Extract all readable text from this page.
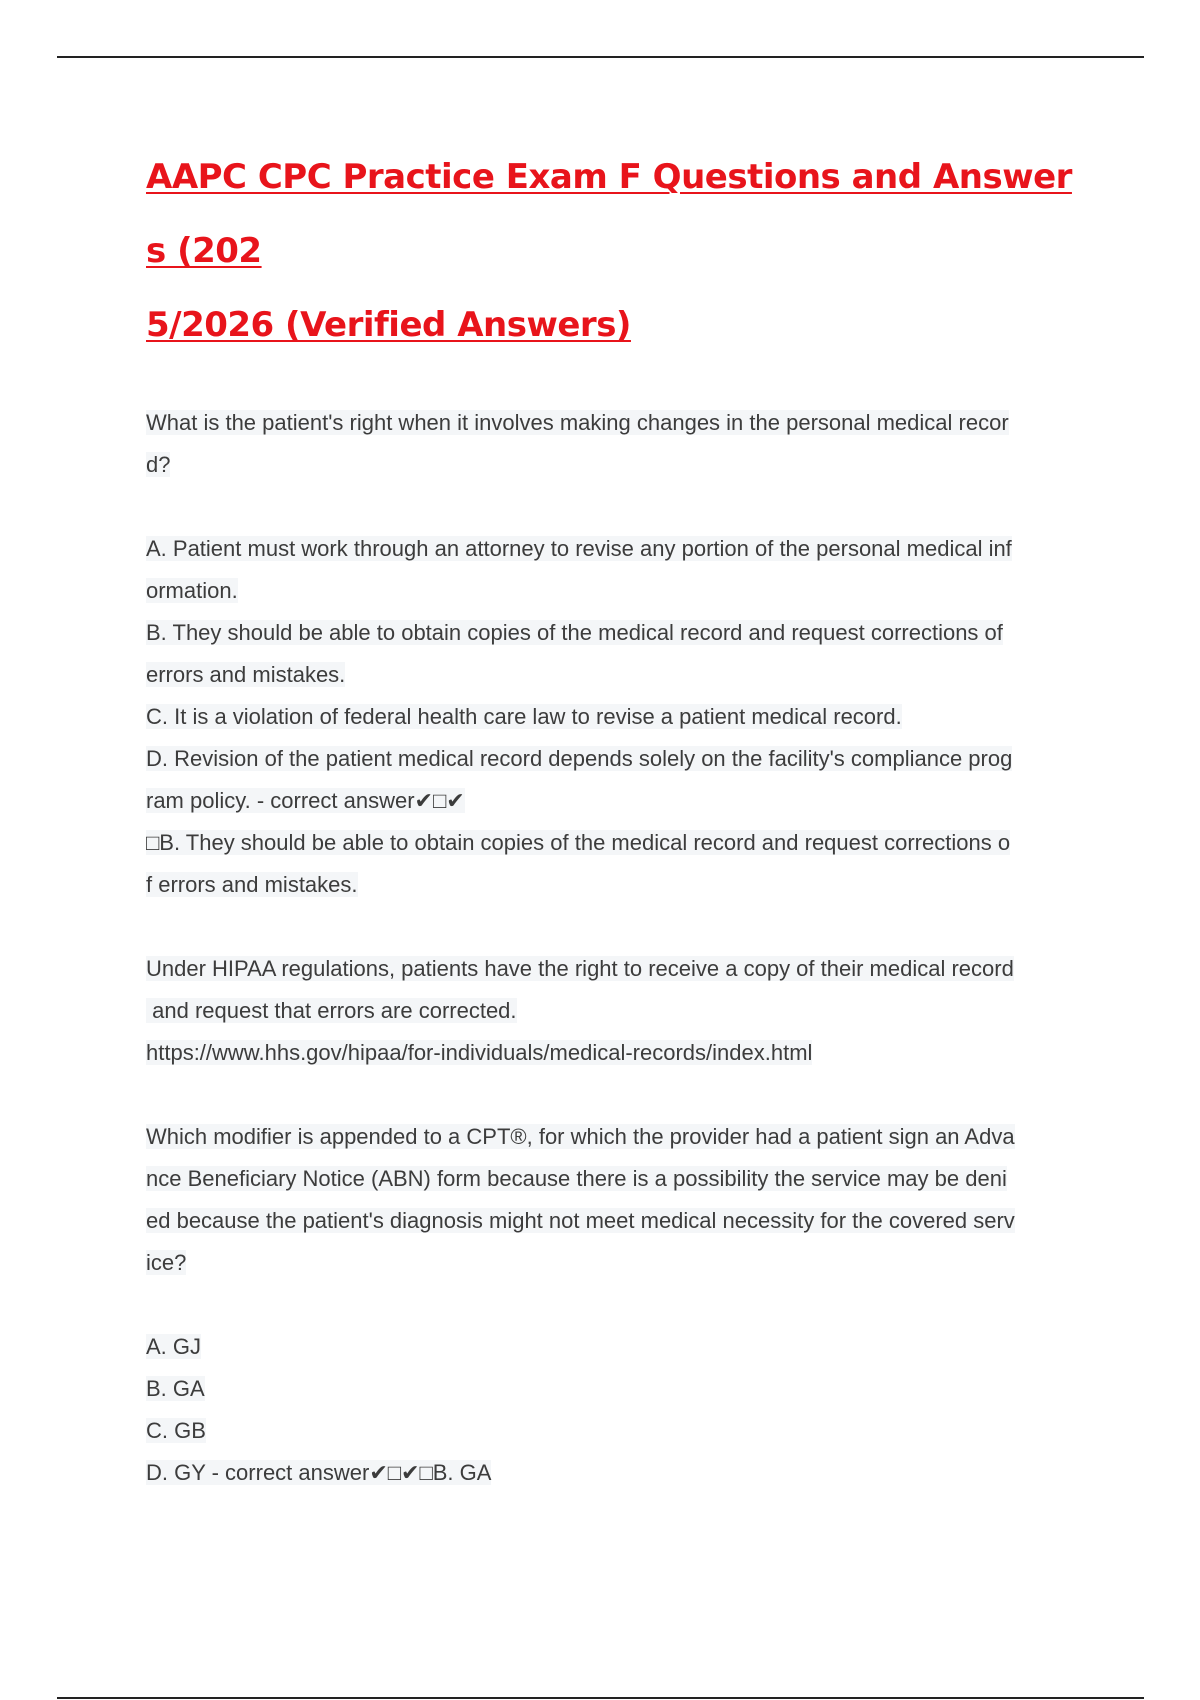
AAPC CPC Practice Exam F Questions and Answers (202
5/2026 (Verified Answers)
What is the patient's right when it involves making changes in the personal medical recor
d?
A. Patient must work through an attorney to revise any portion of the personal medical inf
ormation.
B. They should be able to obtain copies of the medical record and request corrections of
errors and mistakes.
C. It is a violation of federal health care law to revise a patient medical record.
D. Revision of the patient medical record depends solely on the facility's compliance prog
ram policy. - correct answer✔□✔
□B. They should be able to obtain copies of the medical record and request corrections o
f errors and mistakes.
Under HIPAA regulations, patients have the right to receive a copy of their medical record
and request that errors are corrected.
https://www.hhs.gov/hipaa/for-individuals/medical-records/index.html
Which modifier is appended to a CPT®, for which the provider had a patient sign an Adva
nce Beneficiary Notice (ABN) form because there is a possibility the service may be deni
ed because the patient's diagnosis might not meet medical necessity for the covered serv
ice?
A. GJ
B. GA
C. GB
D. GY - correct answer✔□✔□B. GA
